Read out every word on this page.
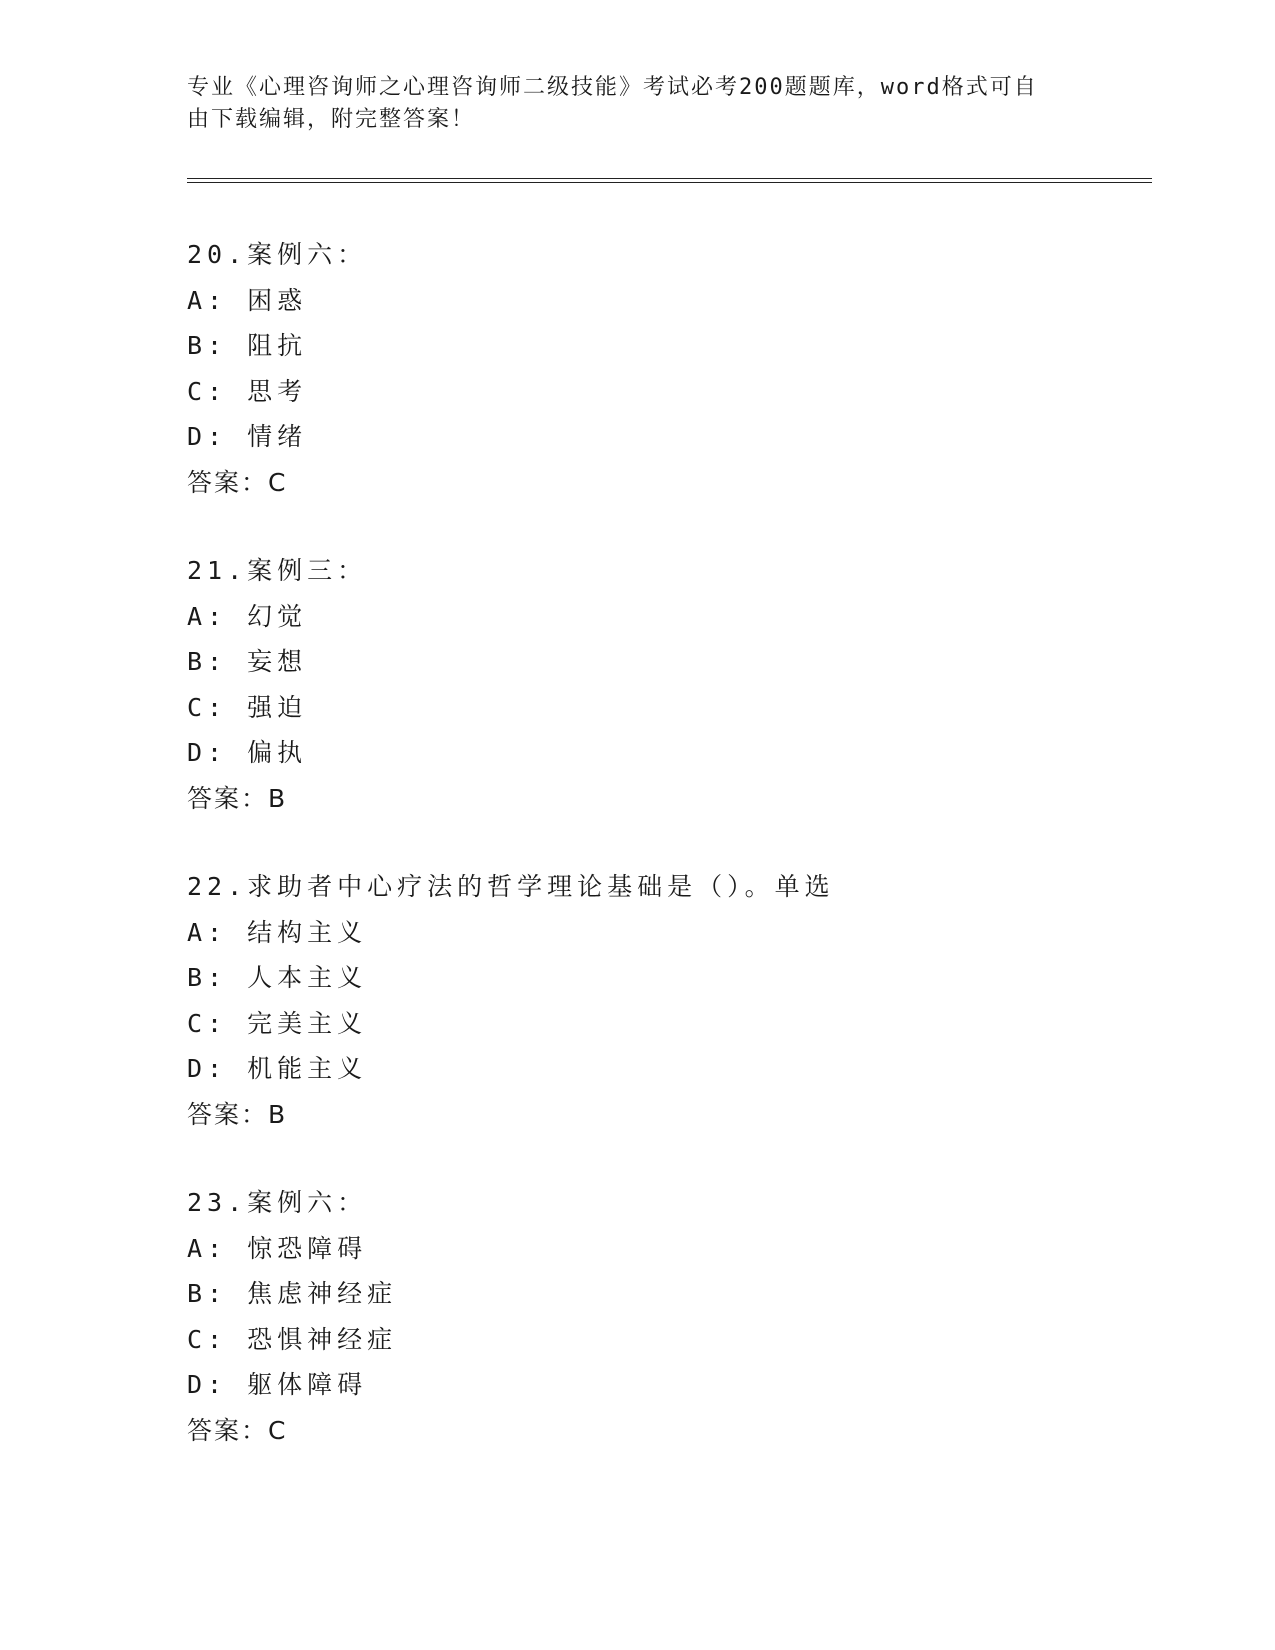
专业《心理咨询师之心理咨询师二级技能》考试必考200题题库，word格式可自
由下载编辑，附完整答案！
20.案例六：
A: 困惑
B: 阻抗
C: 思考
D: 情绪
答案：C
21.案例三：
A: 幻觉
B: 妄想
C: 强迫
D: 偏执
答案：B
22.求助者中心疗法的哲学理论基础是（）。单选
A: 结构主义
B: 人本主义
C: 完美主义
D: 机能主义
答案：B
23.案例六：
A: 惊恐障碍
B: 焦虑神经症
C: 恐惧神经症
D: 躯体障碍
答案：C
